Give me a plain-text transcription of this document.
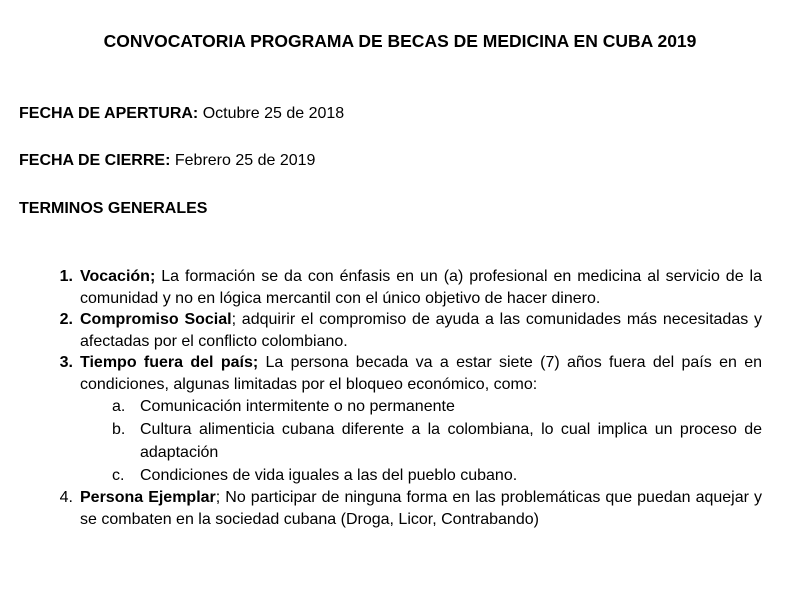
CONVOCATORIA PROGRAMA DE BECAS DE MEDICINA EN CUBA 2019
FECHA DE APERTURA: Octubre 25 de 2018
FECHA DE CIERRE: Febrero 25 de 2019
TERMINOS GENERALES
1. Vocación; La formación se da con énfasis en un (a) profesional en medicina al servicio de la comunidad y no en lógica mercantil con el único objetivo de hacer dinero.
2. Compromiso Social; adquirir el compromiso de ayuda a las comunidades más necesitadas y afectadas por el conflicto colombiano.
3. Tiempo fuera del país; La persona becada va a estar siete (7) años fuera del país en en condiciones, algunas limitadas por el bloqueo económico, como:
a. Comunicación intermitente o no permanente
b. Cultura alimenticia cubana diferente a la colombiana, lo cual implica un proceso de adaptación
c. Condiciones de vida iguales a las del pueblo cubano.
4. Persona Ejemplar; No participar de ninguna forma en las problemáticas que puedan aquejar y se combaten en la sociedad cubana (Droga, Licor, Contrabando)
